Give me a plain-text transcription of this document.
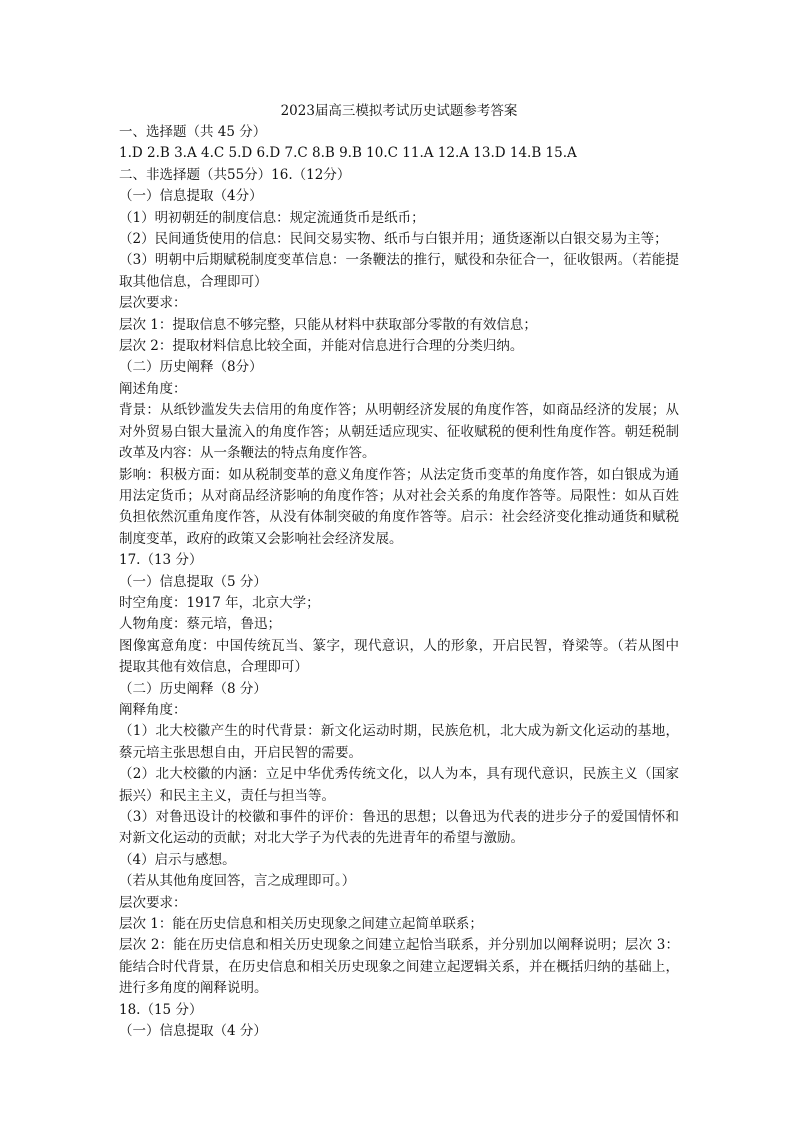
2023届高三模拟考试历史试题参考答案
一、选择题（共 45 分）
1.D 2.B 3.A 4.C 5.D 6.D 7.C 8.B 9.B 10.C 11.A 12.A 13.D 14.B 15.A
二、非选择题（共55分）16.（12分）
（一）信息提取（4分）
（1）明初朝廷的制度信息：规定流通货币是纸币；
（2）民间通货使用的信息：民间交易实物、纸币与白银并用；通货逐渐以白银交易为主等；
（3）明朝中后期赋税制度变革信息：一条鞭法的推行，赋役和杂征合一，征收银两。（若能提取其他信息，合理即可）
层次要求：
层次 1：提取信息不够完整，只能从材料中获取部分零散的有效信息；
层次 2：提取材料信息比较全面，并能对信息进行合理的分类归纳。
（二）历史阐释（8分）
阐述角度：
背景：从纸钞滥发失去信用的角度作答；从明朝经济发展的角度作答，如商品经济的发展；从对外贸易白银大量流入的角度作答；从朝廷适应现实、征收赋税的便利性角度作答。朝廷税制改革及内容：从一条鞭法的特点角度作答。
影响：积极方面：如从税制变革的意义角度作答；从法定货币变革的角度作答，如白银成为通用法定货币；从对商品经济影响的角度作答；从对社会关系的角度作答等。局限性：如从百姓负担依然沉重角度作答，从没有体制突破的角度作答等。启示：社会经济变化推动通货和赋税制度变革，政府的政策又会影响社会经济发展。
17.（13 分）
（一）信息提取（5 分）
时空角度：1917 年，北京大学；
人物角度：蔡元培，鲁迅；
图像寓意角度：中国传统瓦当、篆字，现代意识，人的形象，开启民智，脊梁等。（若从图中提取其他有效信息，合理即可）
（二）历史阐释（8 分）
阐释角度：
（1）北大校徽产生的时代背景：新文化运动时期，民族危机，北大成为新文化运动的基地，蔡元培主张思想自由，开启民智的需要。
（2）北大校徽的内涵：立足中华优秀传统文化，以人为本，具有现代意识，民族主义（国家振兴）和民主主义，责任与担当等。
（3）对鲁迅设计的校徽和事件的评价：鲁迅的思想；以鲁迅为代表的进步分子的爱国情怀和对新文化运动的贡献；对北大学子为代表的先进青年的希望与激励。
（4）启示与感想。
（若从其他角度回答，言之成理即可。）
层次要求：
层次 1：能在历史信息和相关历史现象之间建立起简单联系；
层次 2：能在历史信息和相关历史现象之间建立起恰当联系，并分别加以阐释说明；层次 3：能结合时代背景，在历史信息和相关历史现象之间建立起逻辑关系，并在概括归纳的基础上，进行多角度的阐释说明。
18.（15 分）
（一）信息提取（4 分）
